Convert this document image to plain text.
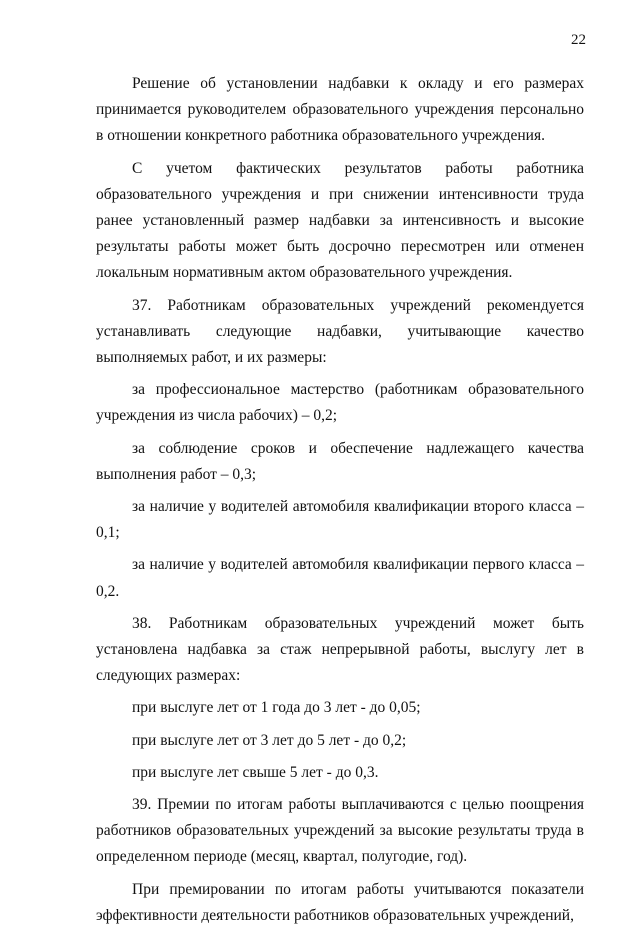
22

Решение об установлении надбавки к окладу и его размерах принимается руководителем образовательного учреждения персонально в отношении конкретного работника образовательного учреждения.

С учетом фактических результатов работы работника образовательного учреждения и при снижении интенсивности труда ранее установленный размер надбавки за интенсивность и высокие результаты работы может быть досрочно пересмотрен или отменен локальным нормативным актом образовательного учреждения.

37. Работникам образовательных учреждений рекомендуется устанавливать следующие надбавки, учитывающие качество выполняемых работ, и их размеры:

за профессиональное мастерство (работникам образовательного учреждения из числа рабочих) – 0,2;

за соблюдение сроков и обеспечение надлежащего качества выполнения работ – 0,3;

за наличие у водителей автомобиля квалификации второго класса – 0,1;

за наличие у водителей автомобиля квалификации первого класса – 0,2.

38. Работникам образовательных учреждений может быть установлена надбавка за стаж непрерывной работы, выслугу лет в следующих размерах:

при выслуге лет от 1 года до 3 лет - до 0,05;

при выслуге лет от 3 лет до 5 лет - до 0,2;

при выслуге лет свыше 5 лет - до 0,3.

39. Премии по итогам работы выплачиваются с целью поощрения работников образовательных учреждений за высокие результаты труда в определенном периоде (месяц, квартал, полугодие, год).

При премировании по итогам работы учитываются показатели эффективности деятельности работников образовательных учреждений,
